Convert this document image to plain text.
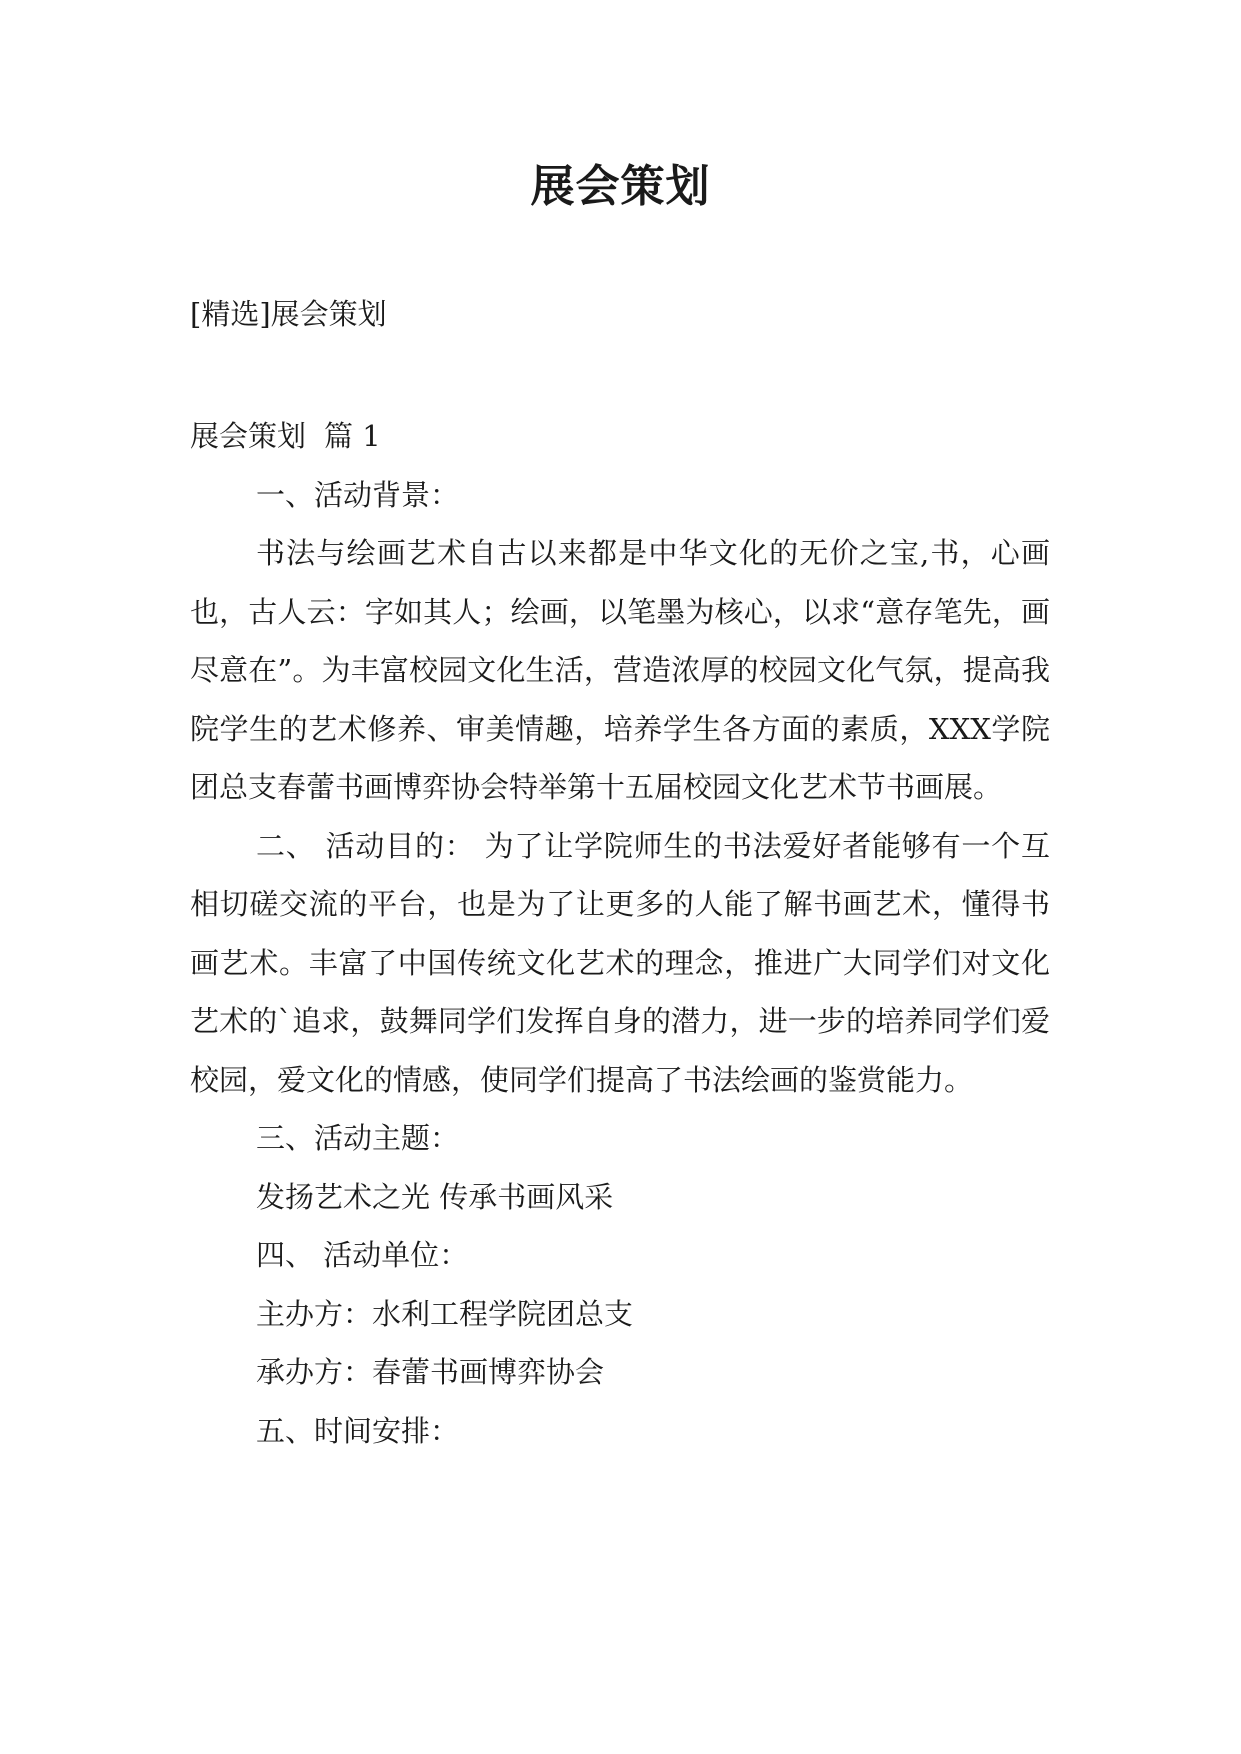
展会策划

[精选]展会策划

展会策划 篇 1

一、活动背景：

书法与绘画艺术自古以来都是中华文化的无价之宝,书，心画也，古人云：字如其人；绘画，以笔墨为核心，以求“意存笔先，画尽意在”。为丰富校园文化生活，营造浓厚的校园文化气氛，提高我院学生的艺术修养、审美情趣，培养学生各方面的素质，XXX学院团总支春蕾书画博弈协会特举第十五届校园文化艺术节书画展。

二、 活动目的： 为了让学院师生的书法爱好者能够有一个互相切磋交流的平台，也是为了让更多的人能了解书画艺术，懂得书画艺术。丰富了中国传统文化艺术的理念，推进广大同学们对文化艺术的`追求，鼓舞同学们发挥自身的潜力，进一步的培养同学们爱校园，爱文化的情感，使同学们提高了书法绘画的鉴赏能力。

三、活动主题：

发扬艺术之光 传承书画风采

四、 活动单位：

主办方：水利工程学院团总支

承办方：春蕾书画博弈协会

五、时间安排：
